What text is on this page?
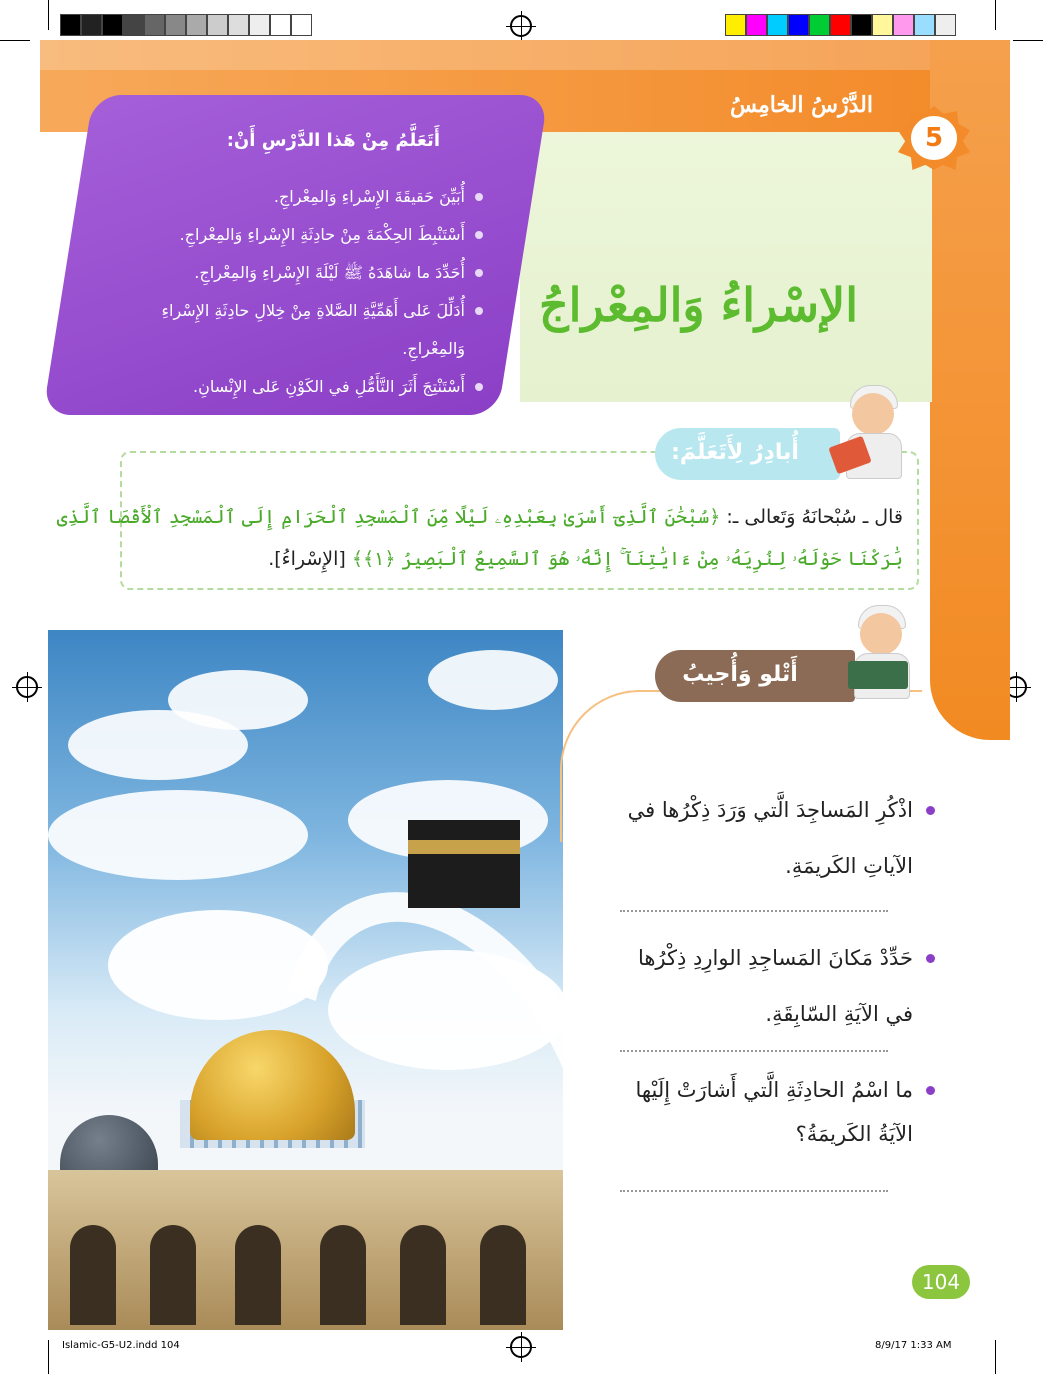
الدَّرْسُ الخامِسُ
5
أَتَعَلَّمُ مِنْ هَذا الدَّرْسِ أَنْ:
أُبَيِّنَ حَقيقَةَ الإِسْراءِ وَالمِعْراجِ.
أَسْتَنْبِطَ الحِكْمَةَ مِنْ حادِثَةِ الإِسْراءِ وَالمِعْراجِ.
أُحَدِّدَ ما شاهَدَهُ ﷺ لَيْلَةَ الإِسْراءِ وَالمِعْراجِ.
أُدَلِّلَ عَلى أَهَمِّيَّةِ الصَّلاةِ مِنْ خِلالِ حادِثَةِ الإِسْراءِ وَالمِعْراجِ.
أَسْتَنْتِجَ أَثَرَ التَّأَمُّلِ في الكَوْنِ عَلى الإِنْسانِ.
الإسْراءُ وَالمِعْراجُ
أُبادِرُ لِأَتَعَلَّمَ:
قال ـ سُبْحانَهُ وَتَعالى ـ: ﴿سُبْحَٰنَ ٱلَّذِىٓ أَسْرَىٰ بِعَبْدِهِۦ لَيْلًا مِّنَ ٱلْمَسْجِدِ ٱلْحَرَامِ إِلَى ٱلْمَسْجِدِ ٱلْأَقْصَا ٱلَّذِى
بَٰرَكْنَا حَوْلَهُۥ لِنُرِيَهُۥ مِنْ ءَايَٰتِنَآ ۚ إِنَّهُۥ هُوَ ٱلسَّمِيعُ ٱلْبَصِيرُ ﴿١﴾﴾ [الإِسْراءُ].
أَتْلو وَأُجيبُ
اذْكُرِ المَساجِدَ الَّتي وَرَدَ ذِكْرُها في الآياتِ الكَريمَةِ.
حَدِّدْ مَكانَ المَساجِدِ الوارِدِ ذِكْرُها في الآيَةِ السّابِقَةِ.
ما اسْمُ الحادِثَةِ الَّتي أَشارَتْ إِلَيْها الآيَةُ الكَريمَةُ؟
104
Islamic-G5-U2.indd 104	8/9/17 1:33 AM
